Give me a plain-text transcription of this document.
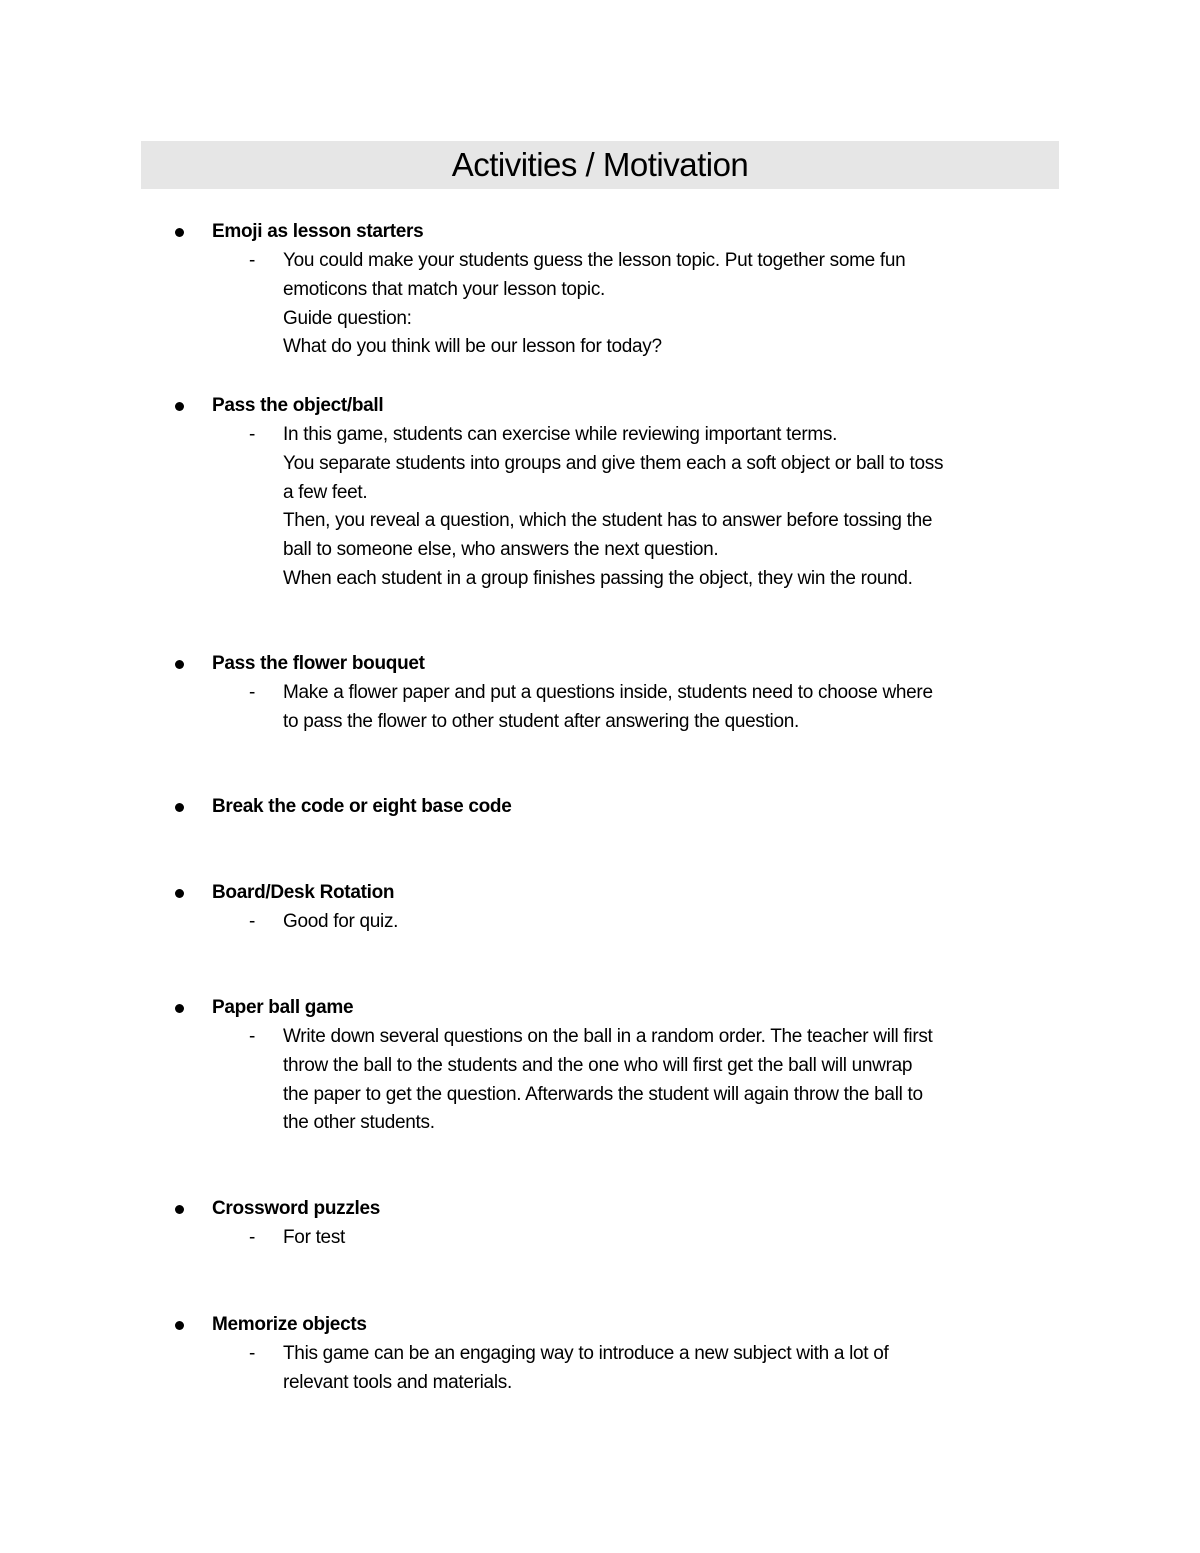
Activities / Motivation
Emoji as lesson starters
- You could make your students guess the lesson topic. Put together some fun
emoticons that match your lesson topic.
Guide question:
What do you think will be our lesson for today?
Pass the object/ball
- In this game, students can exercise while reviewing important terms.
You separate students into groups and give them each a soft object or ball to toss
a few feet.
Then, you reveal a question, which the student has to answer before tossing the
ball to someone else, who answers the next question.
When each student in a group finishes passing the object, they win the round.
Pass the flower bouquet
- Make a flower paper and put a questions inside, students need to choose where
to pass the flower to other student after answering the question.
Break the code or eight base code
Board/Desk Rotation
- Good for quiz.
Paper ball game
- Write down several questions on the ball in a random order. The teacher will first
throw the ball to the students and the one who will first get the ball will unwrap
the paper to get the question. Afterwards the student will again throw the ball to
the other students.
Crossword puzzles
- For test
Memorize objects
- This game can be an engaging way to introduce a new subject with a lot of
relevant tools and materials.
